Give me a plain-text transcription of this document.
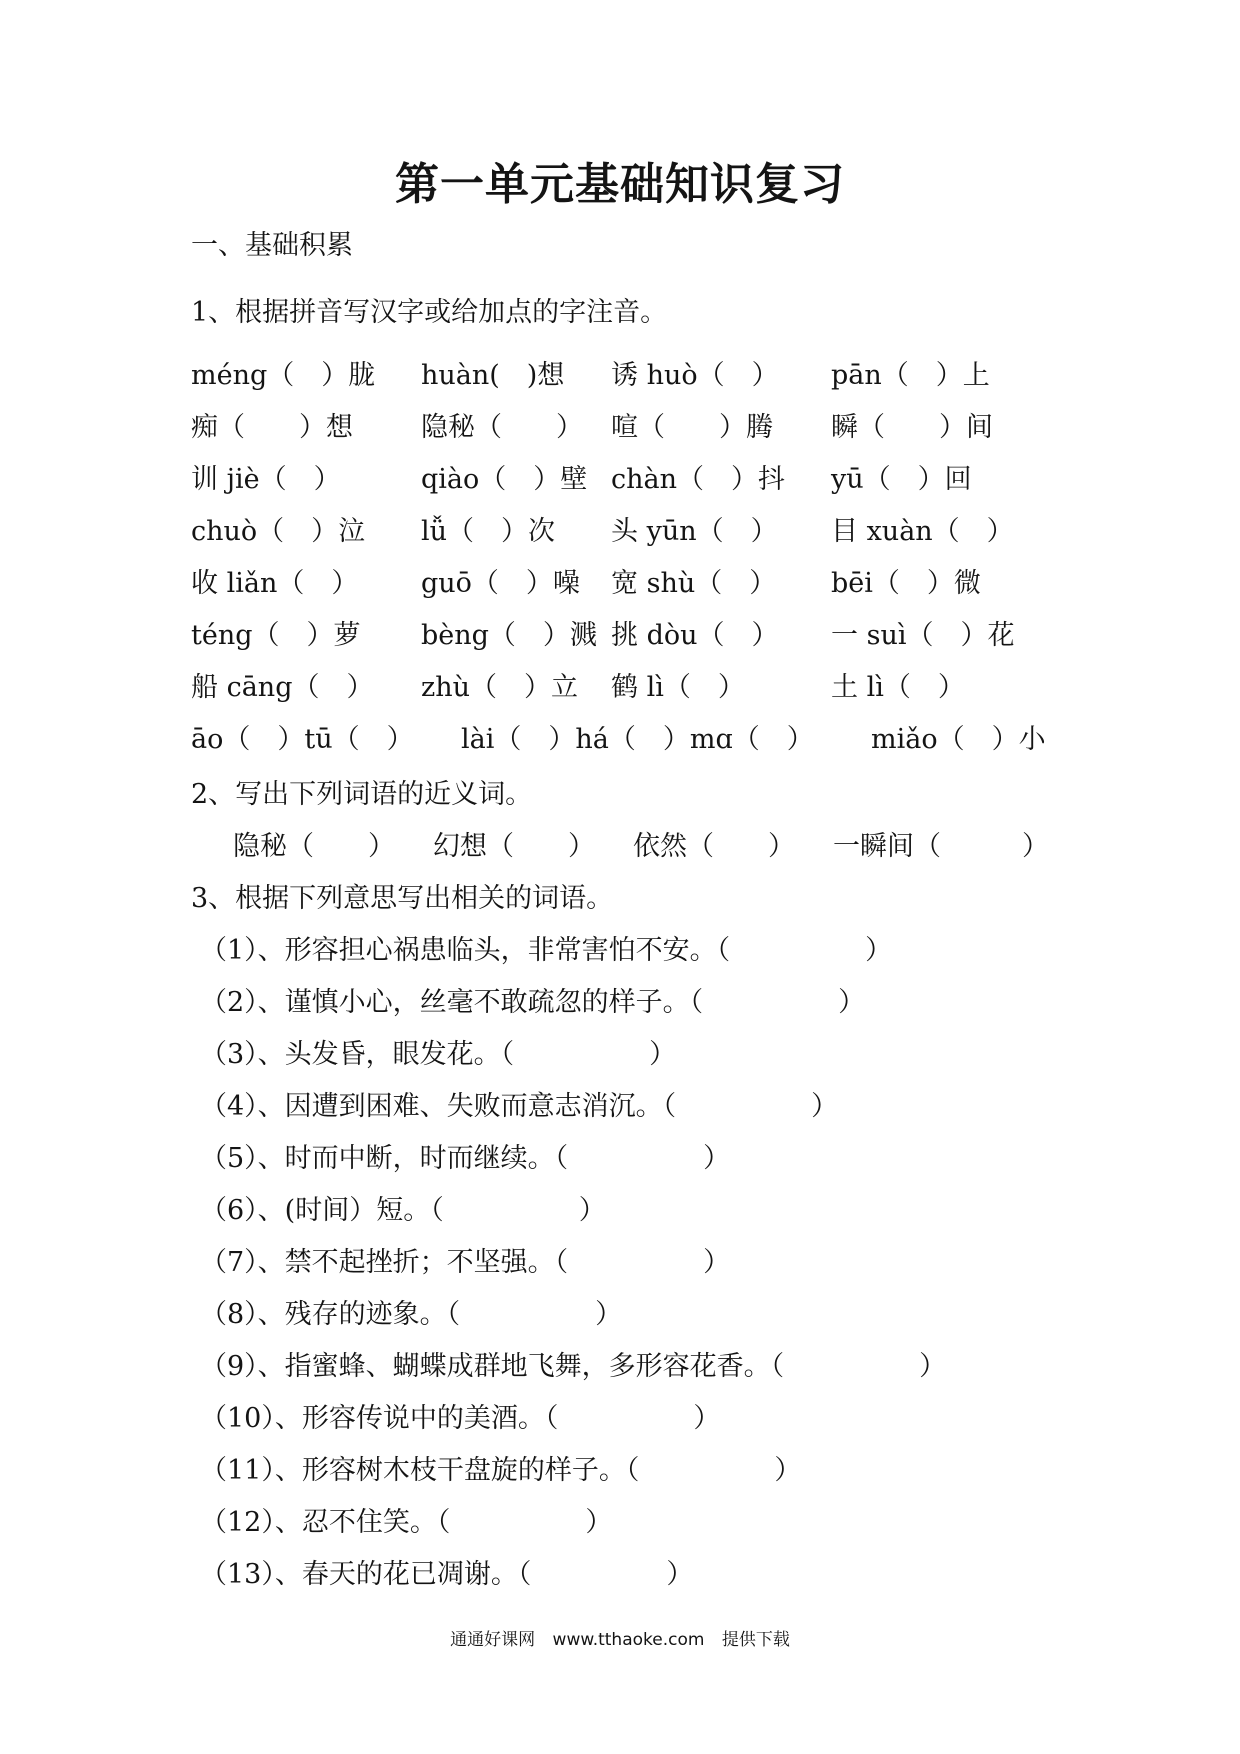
第一单元基础知识复习
一、基础积累
1、根据拼音写汉字或给加点的字注音。
méng（　）胧 huàn(　)想 诱 huò（　） pān（　）上
痴（　　）想	隐秘（　　） 喧（　　）腾 瞬（　　）间
训 jiè（　）	qiào（　）壁 chàn（　）抖 yū（　）回
chuò（　）泣 lǚ（　）次 头 yūn（　） 目 xuàn（　）
收 liǎn（　） guō（　）噪 宽 shù（　） bēi（　）微
téng（　）萝 bèng（　）溅 挑 dòu（　） 一 suì（　）花
船 cāng（　） zhù（　）立 鹤 lì（　）	土 lì（　）
āo（　）tū（　） lài（　）há（　）mɑ（　） miǎo（　）小
2、写出下列词语的近义词。
隐秘（　　） 幻想（　　） 依然（　　） 一瞬间（　　　）
3、根据下列意思写出相关的词语。
（1）、形容担心祸患临头，非常害怕不安。（　　　　　）
（2）、谨慎小心，丝毫不敢疏忽的样子。（　　　　　）
（3）、头发昏，眼发花。（　　　　　）
（4）、因遭到困难、失败而意志消沉。（　　　　　）
（5）、时而中断，时而继续。（　　　　　）
（6）、(时间）短。（　　　　　）
（7）、禁不起挫折；不坚强。（　　　　　）
（8）、残存的迹象。（　　　　　）
（9）、指蜜蜂、蝴蝶成群地飞舞，多形容花香。（　　　　　）
（10）、形容传说中的美酒。（　　　　　）
（11）、形容树木枝干盘旋的样子。（　　　　　）
（12）、忍不住笑。（　　　　　）
（13）、春天的花已凋谢。（　　　　　）
通通好课网 www.tthaoke.com 提供下载
